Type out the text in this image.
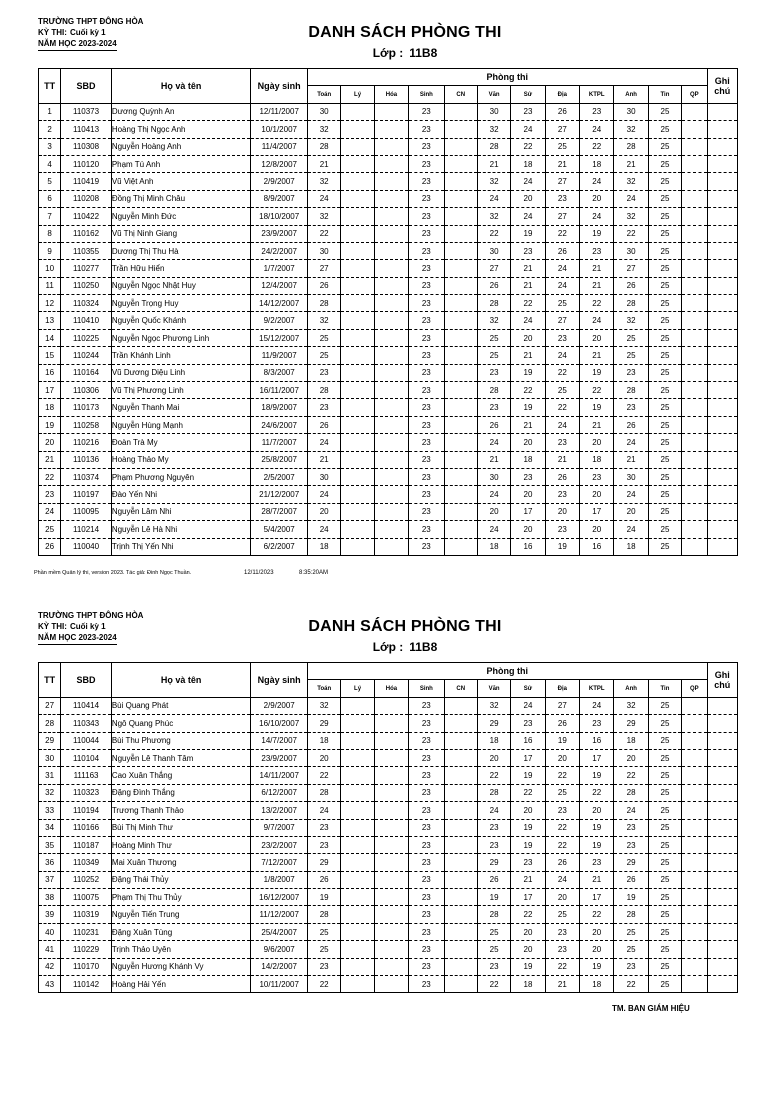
TRƯỜNG THPT ĐÔNG HÒA
KỲ THI: Cuối kỳ 1
NĂM HỌC 2023-2024
DANH SÁCH PHÒNG THI
Lớp : 11B8
TT	SBD	Họ và tên	Ngày sinh	Phòng thi												Ghi chú
				Toán	Lý	Hóa	Sinh	CN	Văn	Sử	Địa	KTPL	Anh	Tin	QP	
1	110373	Dương Quỳnh An	12/11/2007	30			23		30	23	26	23	30	25		
2	110413	Hoàng Thị Ngọc Anh	10/1/2007	32			23		32	24	27	24	32	25		
3	110308	Nguyễn Hoàng Anh	11/4/2007	28			23		28	22	25	22	28	25		
4	110120	Phạm Tú Anh	12/8/2007	21			23		21	18	21	18	21	25		
5	110419	Vũ Việt Anh	2/9/2007	32			23		32	24	27	24	32	25		
6	110208	Đồng Thị Minh Châu	8/9/2007	24			23		24	20	23	20	24	25		
7	110422	Nguyễn Minh Đức	18/10/2007	32			23		32	24	27	24	32	25		
8	110162	Vũ Thị Ninh Giang	23/9/2007	22			23		22	19	22	19	22	25		
9	110355	Dương Thị Thu Hà	24/2/2007	30			23		30	23	26	23	30	25		
10	110277	Trần Hữu Hiển	1/7/2007	27			23		27	21	24	21	27	25		
11	110250	Nguyễn Ngọc Nhật Huy	12/4/2007	26			23		26	21	24	21	26	25		
12	110324	Nguyễn Trọng Huy	14/12/2007	28			23		28	22	25	22	28	25		
13	110410	Nguyễn Quốc Khánh	9/2/2007	32			23		32	24	27	24	32	25		
14	110225	Nguyễn Ngọc Phương Linh	15/12/2007	25			23		25	20	23	20	25	25		
15	110244	Trần Khánh Linh	11/9/2007	25			23		25	21	24	21	25	25		
16	110164	Vũ Dương Diệu Linh	8/3/2007	23			23		23	19	22	19	23	25		
17	110306	Vũ Thị Phương Linh	16/11/2007	28			23		28	22	25	22	28	25		
18	110173	Nguyễn Thanh Mai	18/9/2007	23			23		23	19	22	19	23	25		
19	110258	Nguyễn Hùng Mạnh	24/6/2007	26			23		26	21	24	21	26	25		
20	110216	Đoàn Trà My	11/7/2007	24			23		24	20	23	20	24	25		
21	110136	Hoàng Thảo My	25/8/2007	21			23		21	18	21	18	21	25		
22	110374	Phạm Phương Nguyên	2/5/2007	30			23		30	23	26	23	30	25		
23	110197	Đào Yến Nhi	21/12/2007	24			23		24	20	23	20	24	25		
24	110095	Nguyễn Lâm Nhi	28/7/2007	20			23		20	17	20	17	20	25		
25	110214	Nguyễn Lê Hà Nhi	5/4/2007	24			23		24	20	23	20	24	25		
26	110040	Trịnh Thị Yến Nhi	6/2/2007	18			23		18	16	19	16	18	25		
Phần mềm Quản lý thi, version 2023. Tác giả: Đinh Ngọc Thuần.	12/11/2023	8:35:20AM
TRƯỜNG THPT ĐÔNG HÒA
KỲ THI: Cuối kỳ 1
NĂM HỌC 2023-2024
DANH SÁCH PHÒNG THI
Lớp : 11B8
TT	SBD	Họ và tên	Ngày sinh	Phòng thi												Ghi chú
				Toán	Lý	Hóa	Sinh	CN	Văn	Sử	Địa	KTPL	Anh	Tin	QP	
27	110414	Bùi Quang Phát	2/9/2007	32			23		32	24	27	24	32	25		
28	110343	Ngô Quang Phúc	16/10/2007	29			23		29	23	26	23	29	25		
29	110044	Bùi Thu Phương	14/7/2007	18			23		18	16	19	16	18	25		
30	110104	Nguyễn Lê Thanh Tâm	23/9/2007	20			23		20	17	20	17	20	25		
31	111163	Cao Xuân Thắng	14/11/2007	22			23		22	19	22	19	22	25		
32	110323	Đặng Đình Thắng	6/12/2007	28			23		28	22	25	22	28	25		
33	110194	Trương Thanh Thảo	13/2/2007	24			23		24	20	23	20	24	25		
34	110166	Bùi Thị Minh Thư	9/7/2007	23			23		23	19	22	19	23	25		
35	110187	Hoàng Minh Thư	23/2/2007	23			23		23	19	22	19	23	25		
36	110349	Mai Xuân Thương	7/12/2007	29			23		29	23	26	23	29	25		
37	110252	Đặng Thái Thủy	1/8/2007	26			23		26	21	24	21	26	25		
38	110075	Phạm Thị Thu Thủy	16/12/2007	19			23		19	17	20	17	19	25		
39	110319	Nguyễn Tiến Trung	11/12/2007	28			23		28	22	25	22	28	25		
40	110231	Đặng Xuân Tùng	25/4/2007	25			23		25	20	23	20	25	25		
41	110229	Trịnh Thảo Uyên	9/6/2007	25			23		25	20	23	20	25	25		
42	110170	Nguyễn Hương Khánh Vy	14/2/2007	23			23		23	19	22	19	23	25		
43	110142	Hoàng Hải Yến	10/11/2007	22			23		22	18	21	18	22	25		
TM. BAN GIÁM HIỆU
